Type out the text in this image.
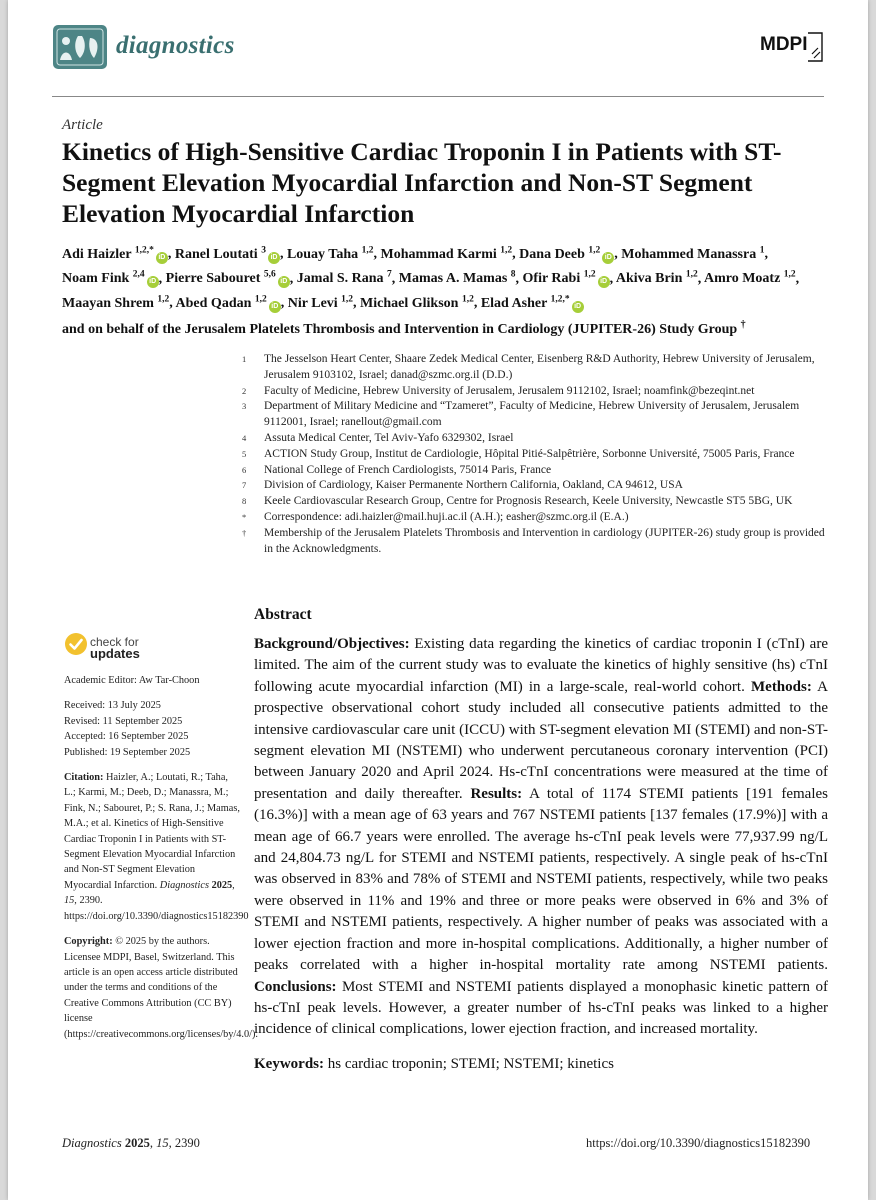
diagnostics	MDPI
Article
Kinetics of High-Sensitive Cardiac Troponin I in Patients with ST-Segment Elevation Myocardial Infarction and Non-ST Segment Elevation Myocardial Infarction
Adi Haizler $^{1,2,*}$ iD , Ranel Loutati $^3$ iD , Louay Taha $^{1,2}$, Mohammad Karmi $^{1,2}$, Dana Deeb $^{1,2}$ iD , Mohammed Manassra $^1$, Noam Fink $^{2,4}$ iD , Pierre Sabouret $^{5,6}$ iD , Jamal S. Rana $^7$, Mamas A. Mamas $^8$, Ofir Rabi $^{1,2}$ iD , Akiva Brin $^{1,2}$, Amro Moatz $^{1,2}$, Maayan Shrem $^{1,2}$, Abed Qadan $^{1,2}$ iD , Nir Levi $^{1,2}$, Michael Glikson $^{1,2}$, Elad Asher $^{1,2,*}$iD
and on behalf of the Jerusalem Platelets Thrombosis and Intervention in Cardiology (JUPITER-26) Study Group †
1	The Jesselson Heart Center, Shaare Zedek Medical Center, Eisenberg R&D Authority, Hebrew University of Jerusalem, Jerusalem 9103102, Israel; danad@szmc.org.il (D.D.)
2	Faculty of Medicine, Hebrew University of Jerusalem, Jerusalem 9112102, Israel; noamfink@bezeqint.net
3	Department of Military Medicine and “Tzameret”, Faculty of Medicine, Hebrew University of Jerusalem, Jerusalem 9112001, Israel; ranellout@gmail.com
4	Assuta Medical Center, Tel Aviv-Yafo 6329302, Israel
5	ACTION Study Group, Institut de Cardiologie, Hôpital Pitié-Salpêtrière, Sorbonne Université, 75005 Paris, France
6	National College of French Cardiologists, 75014 Paris, France
7	Division of Cardiology, Kaiser Permanente Northern California, Oakland, CA 94612, USA
8	Keele Cardiovascular Research Group, Centre for Prognosis Research, Keele University, Newcastle ST5 5BG, UK
*	Correspondence: adi.haizler@mail.huji.ac.il (A.H.); easher@szmc.org.il (E.A.)
†	Membership of the Jerusalem Platelets Thrombosis and Intervention in cardiology (JUPITER-26) study group is provided in the Acknowledgments.
Abstract
Background/Objectives: Existing data regarding the kinetics of cardiac troponin I (cTnI) are limited. The aim of the current study was to evaluate the kinetics of highly sensitive (hs) cTnI following acute myocardial infarction (MI) in a large-scale, real-world cohort. Methods: A prospective observational cohort study included all consecutive patients admitted to the intensive cardiovascular care unit (ICCU) with ST-segment elevation MI (STEMI) and non-ST-segment elevation MI (NSTEMI) who underwent percutaneous coronary intervention (PCI) between January 2020 and April 2024. Hs-cTnI concentrations were measured at the time of presentation and daily thereafter. Results: A total of 1174 STEMI patients [191 females (16.3%)] with a mean age of 63 years and 767 NSTEMI patients [137 females (17.9%)] with a mean age of 66.7 years were enrolled. The average hs-cTnI peak levels were 77,937.99 ng/L and 24,804.73 ng/L for STEMI and NSTEMI patients, respectively. A single peak of hs-cTnI was observed in 83% and 78% of STEMI and NSTEMI patients, respectively, while two peaks were observed in 11% and 19% and three or more peaks were observed in 6% and 3% of STEMI and NSTEMI patients, respectively. A higher number of peaks was associated with a lower ejection fraction and more in-hospital complications. Additionally, a higher number of peaks correlated with a higher in-hospital mortality rate among NSTEMI patients. Conclusions: Most STEMI and NSTEMI patients displayed a monophasic kinetic pattern of hs-cTnI peak levels. However, a greater number of hs-cTnI peaks was linked to a higher incidence of clinical complications, lower ejection fraction, and increased mortality.
Keywords: hs cardiac troponin; STEMI; NSTEMI; kinetics
check for
updates

Academic Editor: Aw Tar-Choon

Received: 13 July 2025
Revised: 11 September 2025
Accepted: 16 September 2025

Published: 19 September 2025

Citation: Haizler, A.; Loutati, R.; Taha, L.; Karmi, M.; Deeb, D.; Manassra, M.; Fink, N.; Sabouret, P.; S. Rana, J.; Mamas, M.A.; et al. Kinetics of High-Sensitive Cardiac Troponin I in Patients with ST-Segment Elevation Myocardial Infarction and Non-ST Segment Elevation Myocardial Infarction. Diagnostics 2025, 15, 2390. https://doi.org/10.3390/diagnostics15182390

Copyright: © 2025 by the authors. Licensee MDPI, Basel, Switzerland. This article is an open access article distributed under the terms and conditions of the Creative Commons Attribution (CC BY) license (https://creativecommons.org/licenses/by/4.0/).

Diagnostics 2025, 15, 2390	https://doi.org/10.3390/diagnostics15182390
